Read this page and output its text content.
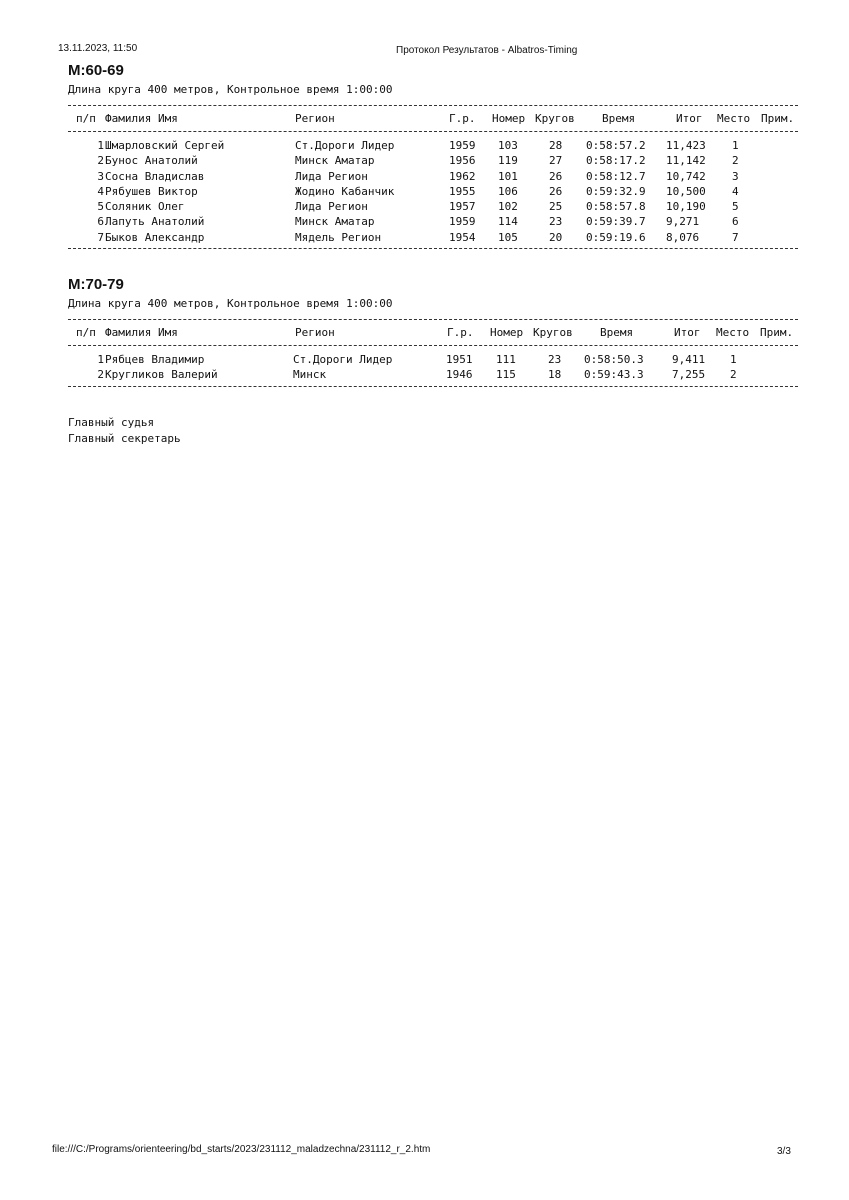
13.11.2023, 11:50	Протокол Результатов - Albatros-Timing
М:60-69
Длина круга 400 метров, Контрольное время 1:00:00
п/п Фамилия Имя	Регион	Г.р. Номер Кругов Время	Итог Место Прим.
1 Шмарловский Сергей	Ст.Дороги Лидер	1959 103	28 0:58:57.2 11,423 1
2 Бунос Анатолий	Минск Аматар	1956 119	27 0:58:17.2 11,142 2
3 Сосна Владислав	Лида Регион	1962 101	26 0:58:12.7 10,742 3
4 Рябушев Виктор	Жодино Кабанчик	1955 106	26 0:59:32.9 10,500 4
5 Соляник Олег	Лида Регион	1957 102	25 0:58:57.8 10,190 5
6 Лапуть Анатолий	Минск Аматар	1959 114	23 0:59:39.7 9,271	6
7 Быков Александр	Мядель Регион	1954 105	20 0:59:19.6 8,076	7
М:70-79
Длина круга 400 метров, Контрольное время 1:00:00
п/п Фамилия Имя	Регион	Г.р. Номер Кругов Время	Итог Место Прим.
1 Рябцев Владимир	Ст.Дороги Лидер	1951 111	23 0:58:50.3	9,411 1
2 Кругликов Валерий	Минск	1946 115	18 0:59:43.3	7,255 2
Главный судья
Главный секретарь
file:///C:/Programs/orienteering/bd_starts/2023/231112_maladzechna/231112_r_2.htm	3/3
